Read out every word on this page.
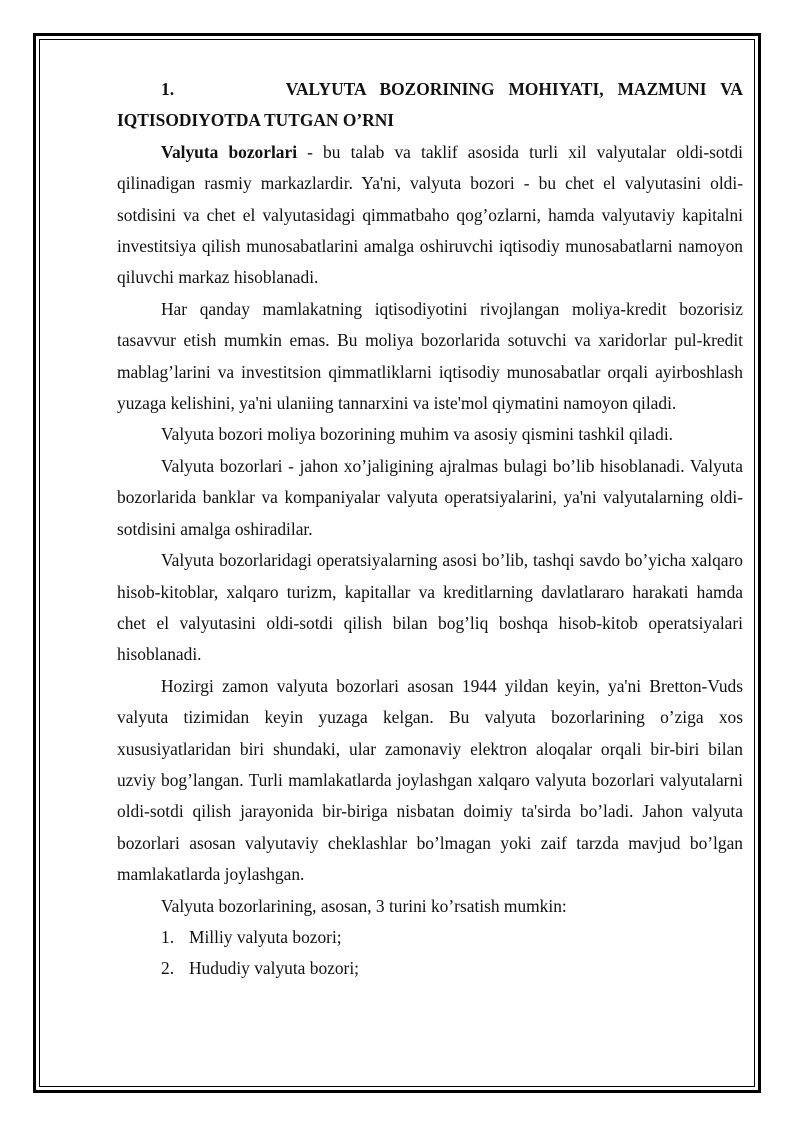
1.        VALYUTA BOZORINING MOHIYATI, MAZMUNI VA IQTISODIYOTDA TUTGAN O’RNI

Valyuta bozorlari - bu talab va taklif asosida turli xil valyutalar oldi-sotdi qilinadigan rasmiy markazlardir. Ya'ni, valyuta bozori - bu chet el valyutasini oldi-sotdisini va chet el valyutasidagi qimmatbaho qog’ozlarni, hamda valyutaviy kapitalni investitsiya qilish munosabatlarini amalga oshiruvchi iqtisodiy munosabatlarni namoyon qiluvchi markaz hisoblanadi.

Har qanday mamlakatning iqtisodiyotini rivojlangan moliya-kredit bozorisiz tasavvur etish mumkin emas. Bu moliya bozorlarida sotuvchi va xaridorlar pul-kredit mablag’larini va investitsion qimmatliklarni iqtisodiy munosabatlar orqali ayirboshlash yuzaga kelishini, ya'ni ulaniing tannarxini va iste'mol qiymatini namoyon qiladi.

Valyuta bozori moliya bozorining muhim va asosiy qismini tashkil qiladi.

Valyuta bozorlari - jahon xo’jaligining ajralmas bulagi bo’lib hisoblanadi. Valyuta bozorlarida banklar va kompaniyalar valyuta operatsiyalarini, ya'ni valyutalarning oldi-sotdisini amalga oshiradilar.

Valyuta bozorlaridagi operatsiyalarning asosi bo’lib, tashqi savdo bo’yicha xalqaro hisob-kitoblar, xalqaro turizm, kapitallar va kreditlarning davlatlararo harakati hamda chet el valyutasini oldi-sotdi qilish bilan bog’liq boshqa hisob-kitob operatsiyalari hisoblanadi.

Hozirgi zamon valyuta bozorlari asosan 1944 yildan keyin, ya'ni Bretton-Vuds valyuta tizimidan keyin yuzaga kelgan. Bu valyuta bozorlarining o’ziga xos xususiyatlaridan biri shundaki, ular zamonaviy elektron aloqalar orqali bir-biri bilan uzviy bog’langan. Turli mamlakatlarda joylashgan xalqaro valyuta bozorlari valyutalarni oldi-sotdi qilish jarayonida bir-biriga nisbatan doimiy ta'sirda bo’ladi. Jahon valyuta bozorlari asosan valyutaviy cheklashlar bo’lmagan yoki zaif tarzda mavjud bo’lgan mamlakatlarda joylashgan.

Valyuta bozorlarining, asosan, 3 turini ko’rsatish mumkin:

1. Milliy valyuta bozori;
2. Hududiy valyuta bozori;
